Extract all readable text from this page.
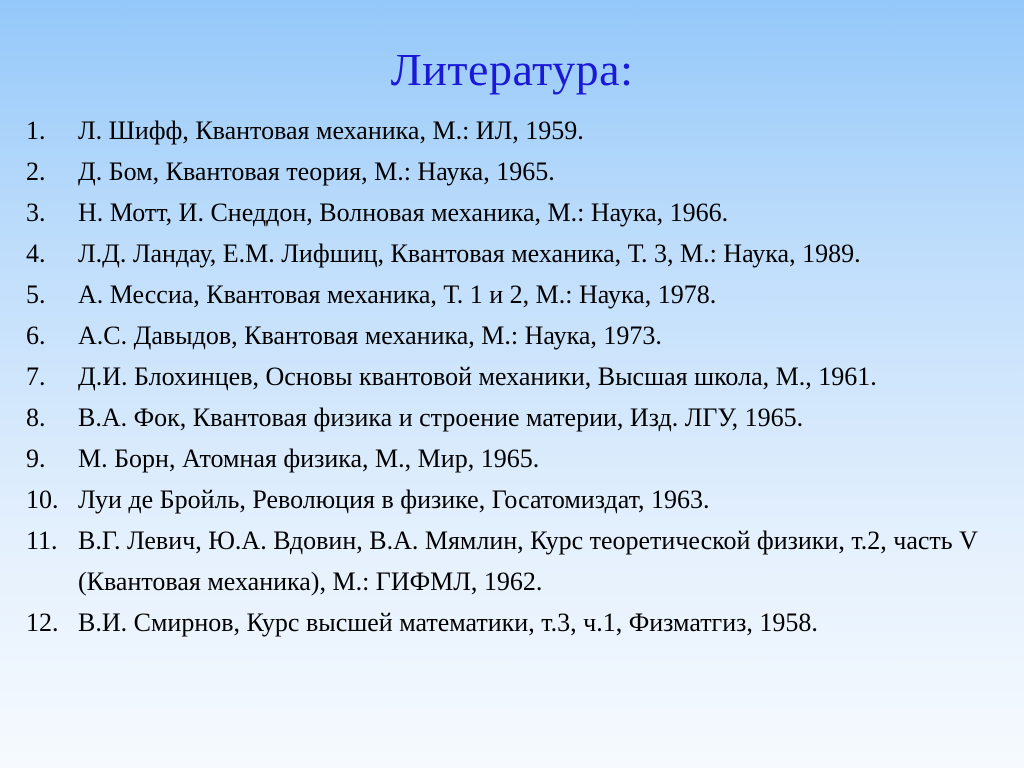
Литература:
1.	Л. Шифф, Квантовая механика, М.: ИЛ, 1959.
2.	Д. Бом, Квантовая теория, М.: Наука, 1965.
3.	Н. Мотт, И. Снеддон, Волновая механика, М.: Наука, 1966.
4.	Л.Д. Ландау, Е.М. Лифшиц, Квантовая механика, Т. 3, М.: Наука, 1989.
5.	А. Мессиа, Квантовая механика, Т. 1 и 2, М.: Наука, 1978.
6.	А.С. Давыдов, Квантовая механика, М.: Наука, 1973.
7.	Д.И. Блохинцев, Основы квантовой механики, Высшая школа, М., 1961.
8.	В.А. Фок, Квантовая физика и строение материи, Изд. ЛГУ, 1965.
9.	М. Борн, Атомная физика, М., Мир, 1965.
10. Луи де Бройль, Революция в физике, Госатомиздат, 1963.
11. В.Г. Левич, Ю.А. Вдовин, В.А. Мямлин, Курс теоретической физики, т.2, часть V (Квантовая механика), М.: ГИФМЛ, 1962.
12. В.И. Смирнов, Курс высшей математики, т.3, ч.1, Физматгиз, 1958.
